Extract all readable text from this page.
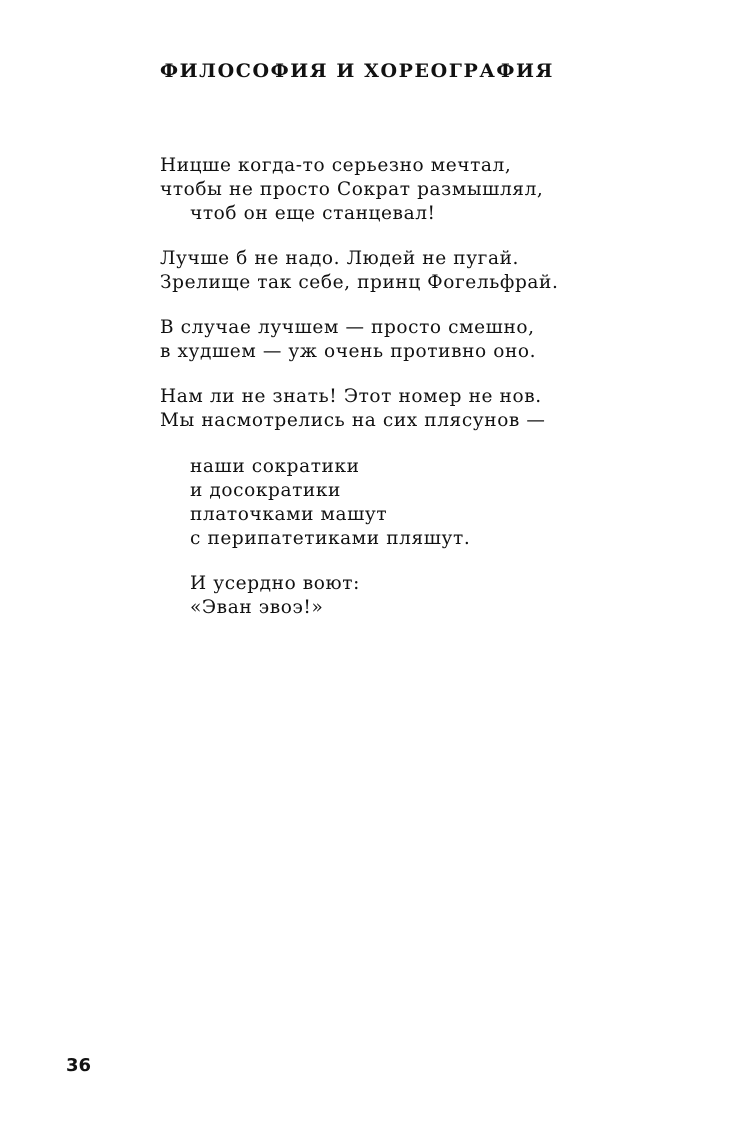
ФИЛОСОФИЯ И ХОРЕОГРАФИЯ
Ницше когда-то серьезно мечтал,
чтобы не просто Сократ размышлял,
чтоб он еще станцевал!
Лучше б не надо. Людей не пугай.
Зрелище так себе, принц Фогельфрай.
В случае лучшем — просто смешно,
в худшем — уж очень противно оно.
Нам ли не знать! Этот номер не нов.
Мы насмотрелись на сих плясунов —
наши сократики
и досократики
платочками машут
с перипатетиками пляшут.
И усердно воют:
«Эван эвоэ!»
36
